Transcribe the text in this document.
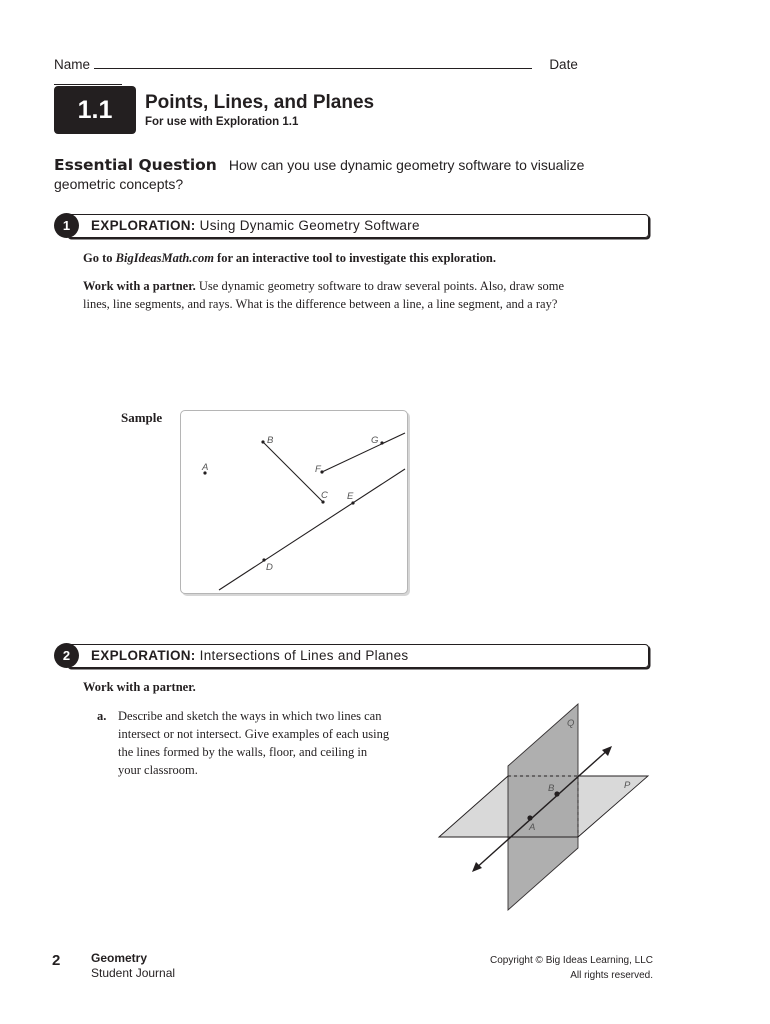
Name	Date
1.1	Points, Lines, and Planes
For use with Exploration 1.1
Essential Question How can you use dynamic geometry software to visualize geometric concepts?
1	EXPLORATION: Using Dynamic Geometry Software
Go to BigIdeasMath.com for an interactive tool to investigate this exploration.
Work with a partner. Use dynamic geometry software to draw several points. Also, draw some lines, line segments, and rays. What is the difference between a line, a line segment, and a ray?
Sample
A
B
C
D
E
F
G
2	EXPLORATION: Intersections of Lines and Planes
Work with a partner.
a. Describe and sketch the ways in which two lines can intersect or not intersect. Give examples of each using the lines formed by the walls, floor, and ceiling in your classroom.
A
B
Q
P
2	Geometry
Student Journal
Copyright © Big Ideas Learning, LLC
All rights reserved.
